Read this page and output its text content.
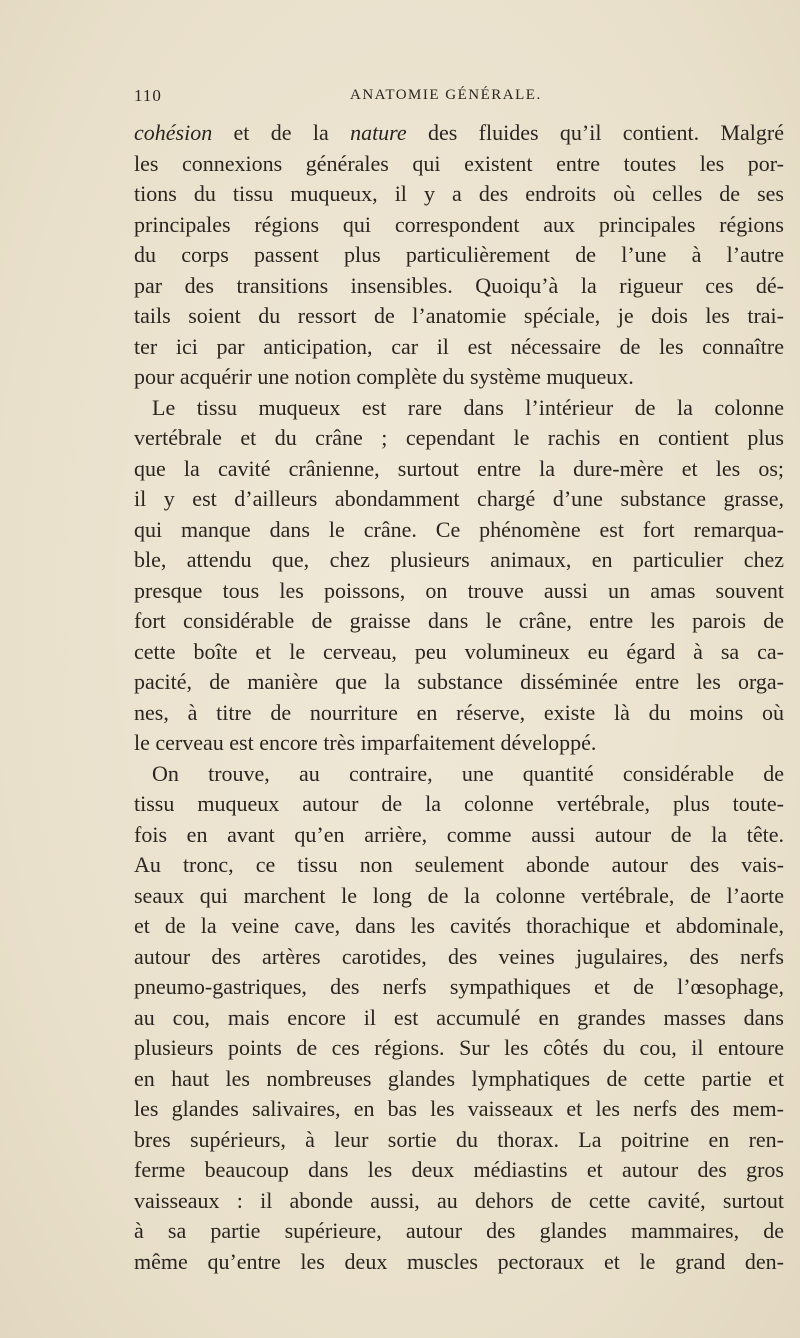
110	ANATOMIE GÉNÉRALE.
cohésion et de la nature des fluides qu’il contient. Malgré
les connexions générales qui existent entre toutes les por-
tions du tissu muqueux, il y a des endroits où celles de ses
principales régions qui correspondent aux principales régions
du corps passent plus particulièrement de l’une à l’autre
par des transitions insensibles. Quoiqu’à la rigueur ces dé-
tails soient du ressort de l’anatomie spéciale, je dois les trai-
ter ici par anticipation, car il est nécessaire de les connaître
pour acquérir une notion complète du système muqueux.
Le tissu muqueux est rare dans l’intérieur de la colonne
vertébrale et du crâne ; cependant le rachis en contient plus
que la cavité crânienne, surtout entre la dure-mère et les os;
il y est d’ailleurs abondamment chargé d’une substance grasse,
qui manque dans le crâne. Ce phénomène est fort remarqua-
ble, attendu que, chez plusieurs animaux, en particulier chez
presque tous les poissons, on trouve aussi un amas souvent
fort considérable de graisse dans le crâne, entre les parois de
cette boîte et le cerveau, peu volumineux eu égard à sa ca-
pacité, de manière que la substance disséminée entre les orga-
nes, à titre de nourriture en réserve, existe là du moins où
le cerveau est encore très imparfaitement développé.
On trouve, au contraire, une quantité considérable de
tissu muqueux autour de la colonne vertébrale, plus toute-
fois en avant qu’en arrière, comme aussi autour de la tête.
Au tronc, ce tissu non seulement abonde autour des vais-
seaux qui marchent le long de la colonne vertébrale, de l’aorte
et de la veine cave, dans les cavités thorachique et abdominale,
autour des artères carotides, des veines jugulaires, des nerfs
pneumo-gastriques, des nerfs sympathiques et de l’œsophage,
au cou, mais encore il est accumulé en grandes masses dans
plusieurs points de ces régions. Sur les côtés du cou, il entoure
en haut les nombreuses glandes lymphatiques de cette partie et
les glandes salivaires, en bas les vaisseaux et les nerfs des mem-
bres supérieurs, à leur sortie du thorax. La poitrine en ren-
ferme beaucoup dans les deux médiastins et autour des gros
vaisseaux : il abonde aussi, au dehors de cette cavité, surtout
à sa partie supérieure, autour des glandes mammaires, de
même qu’entre les deux muscles pectoraux et le grand den-
